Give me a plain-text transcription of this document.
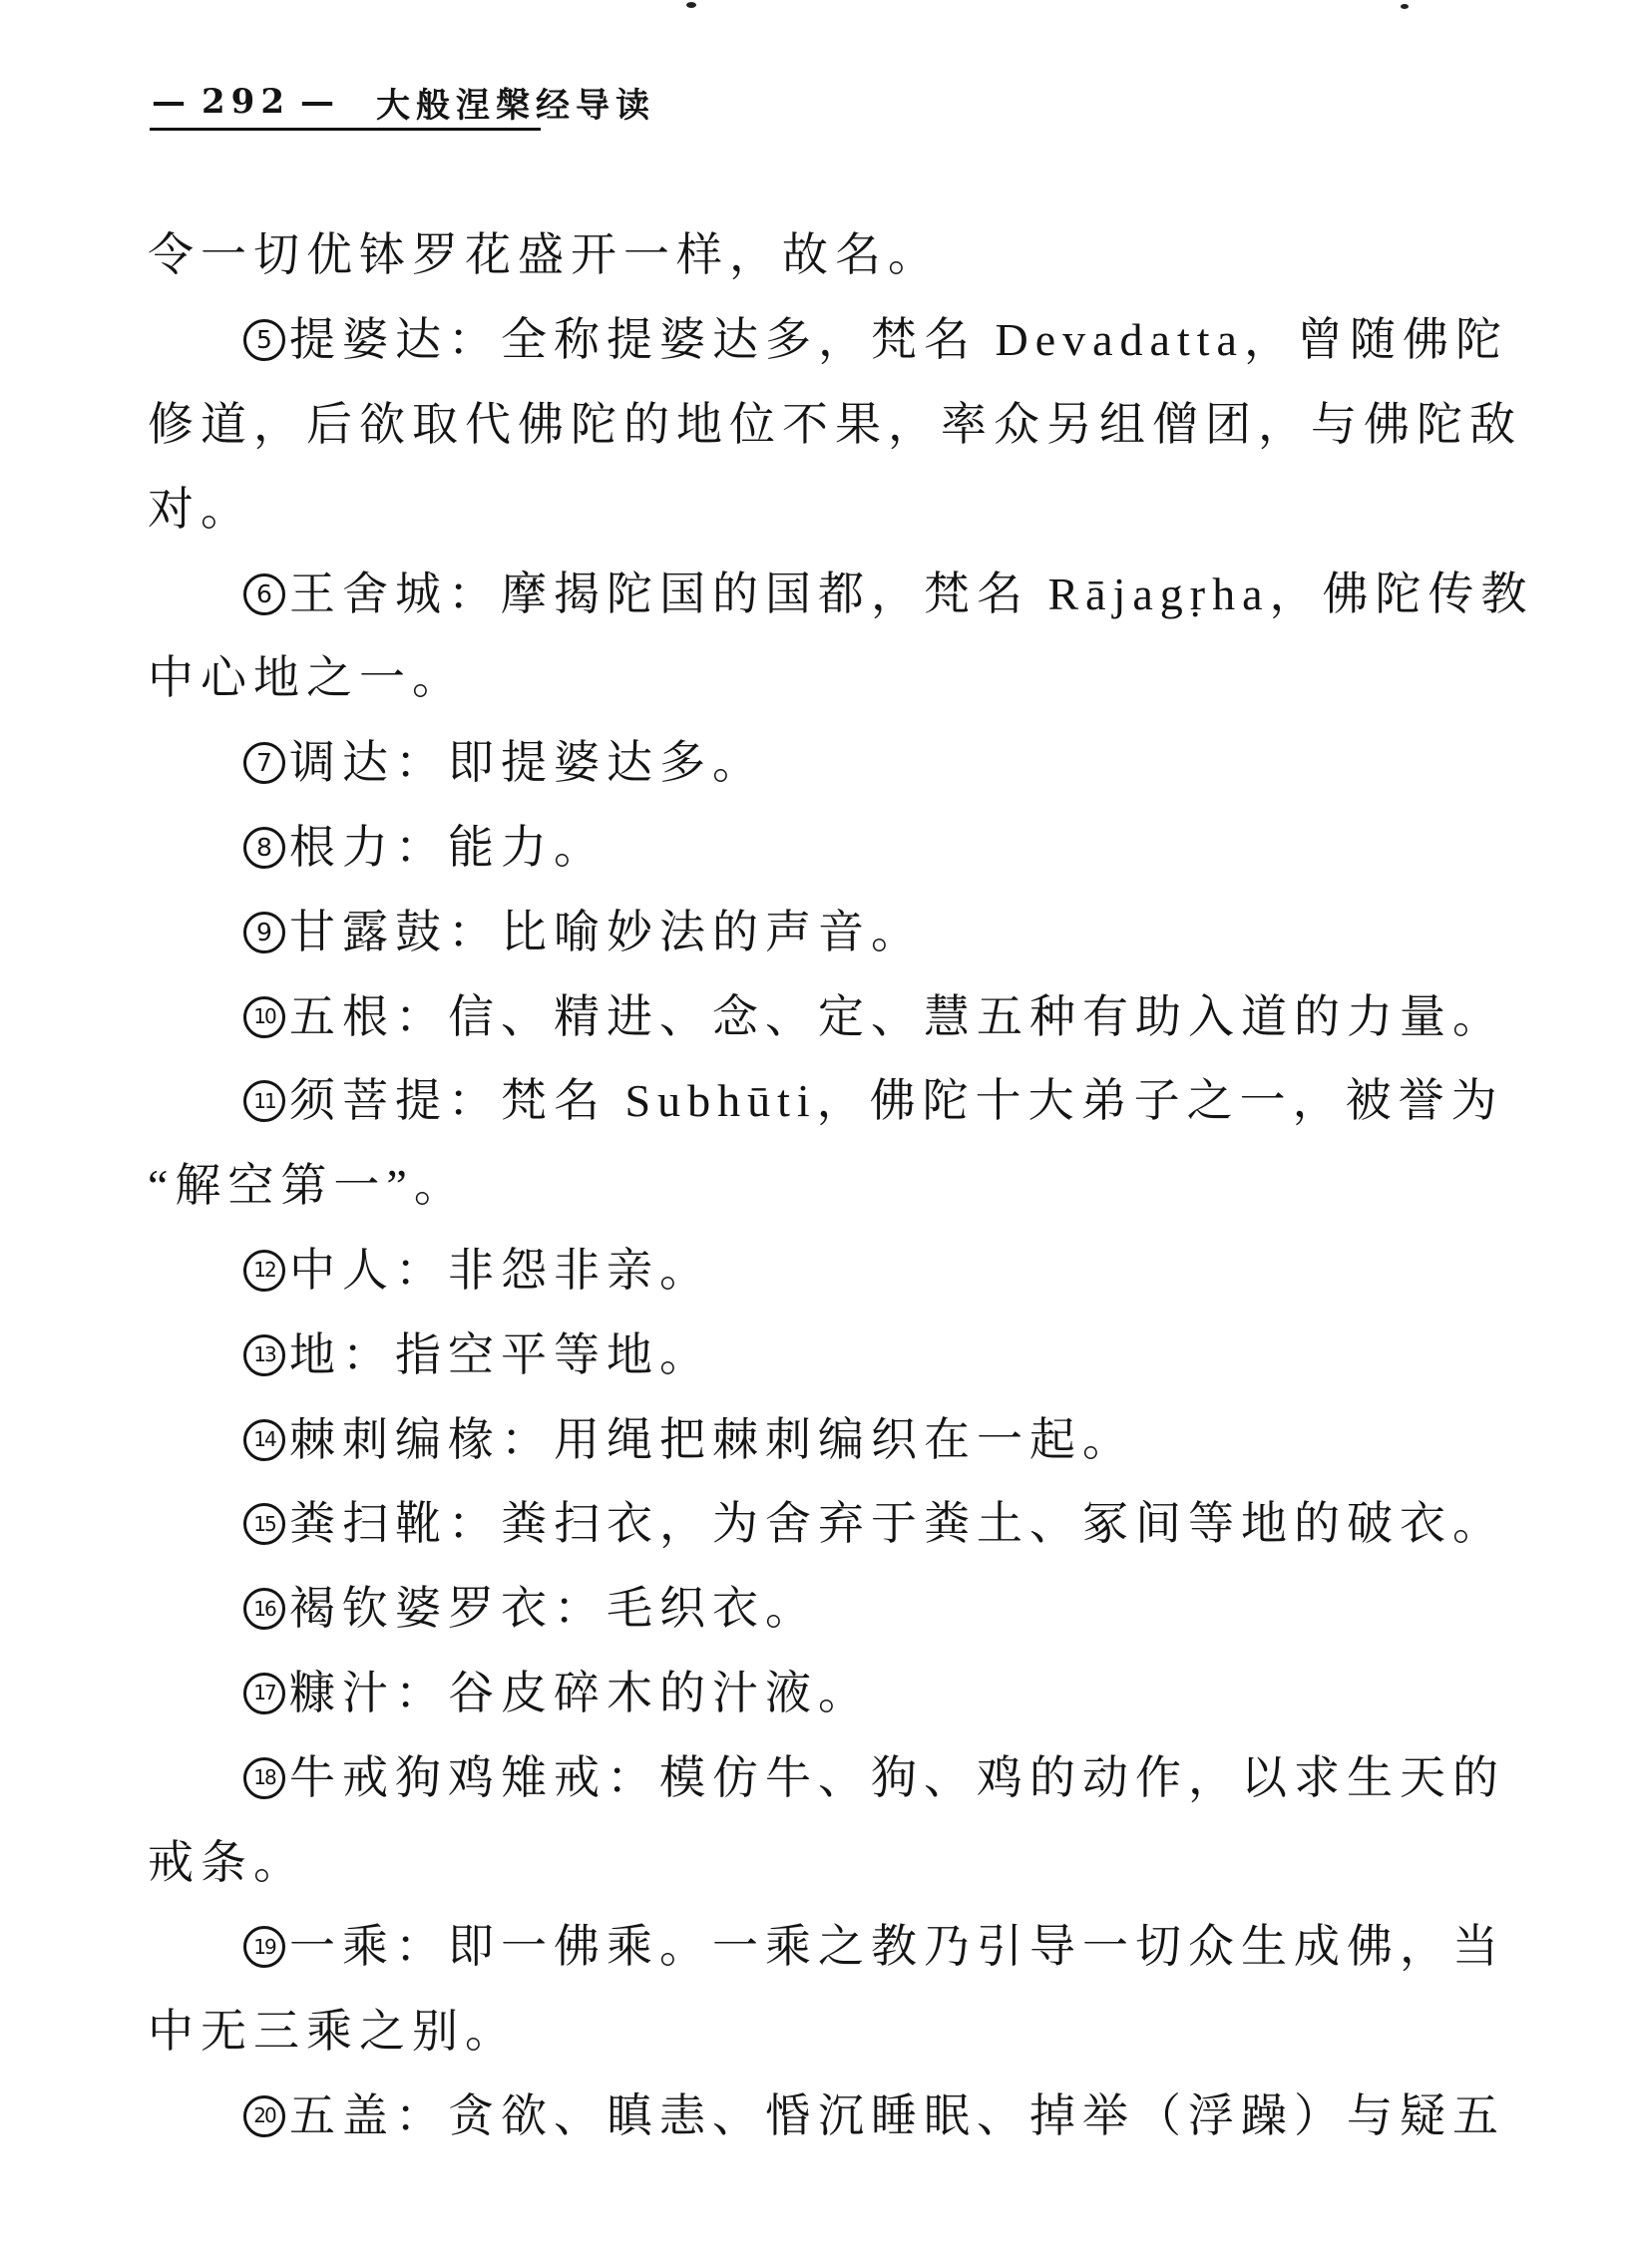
— 292 — 大般涅槃经导读
令一切优钵罗花盛开一样，故名。
5 提婆达：全称提婆达多，梵名 Devadatta，曾随佛陀
修道，后欲取代佛陀的地位不果，率众另组僧团，与佛陀敌
对。
6 王舍城：摩揭陀国的国都，梵名 Rājagṛha，佛陀传教
中心地之一。
7 调达：即提婆达多。
8 根力：能力。
9 甘露鼓：比喻妙法的声音。
10 五根：信、精进、念、定、慧五种有助入道的力量。
11 须菩提：梵名 Subhūti，佛陀十大弟子之一，被誉为
“解空第一”。
12 中人：非怨非亲。
13 地：指空平等地。
14 棘刺编椽：用绳把棘刺编织在一起。
15 粪扫靴：粪扫衣，为舍弃于粪土、冢间等地的破衣。
16 褐钦婆罗衣：毛织衣。
17 糠汁：谷皮碎木的汁液。
18 牛戒狗鸡雉戒：模仿牛、狗、鸡的动作，以求生天的
戒条。
19 一乘：即一佛乘。一乘之教乃引导一切众生成佛，当
中无三乘之别。
20 五盖：贪欲、瞋恚、惛沉睡眠、掉举（浮躁）与疑五
